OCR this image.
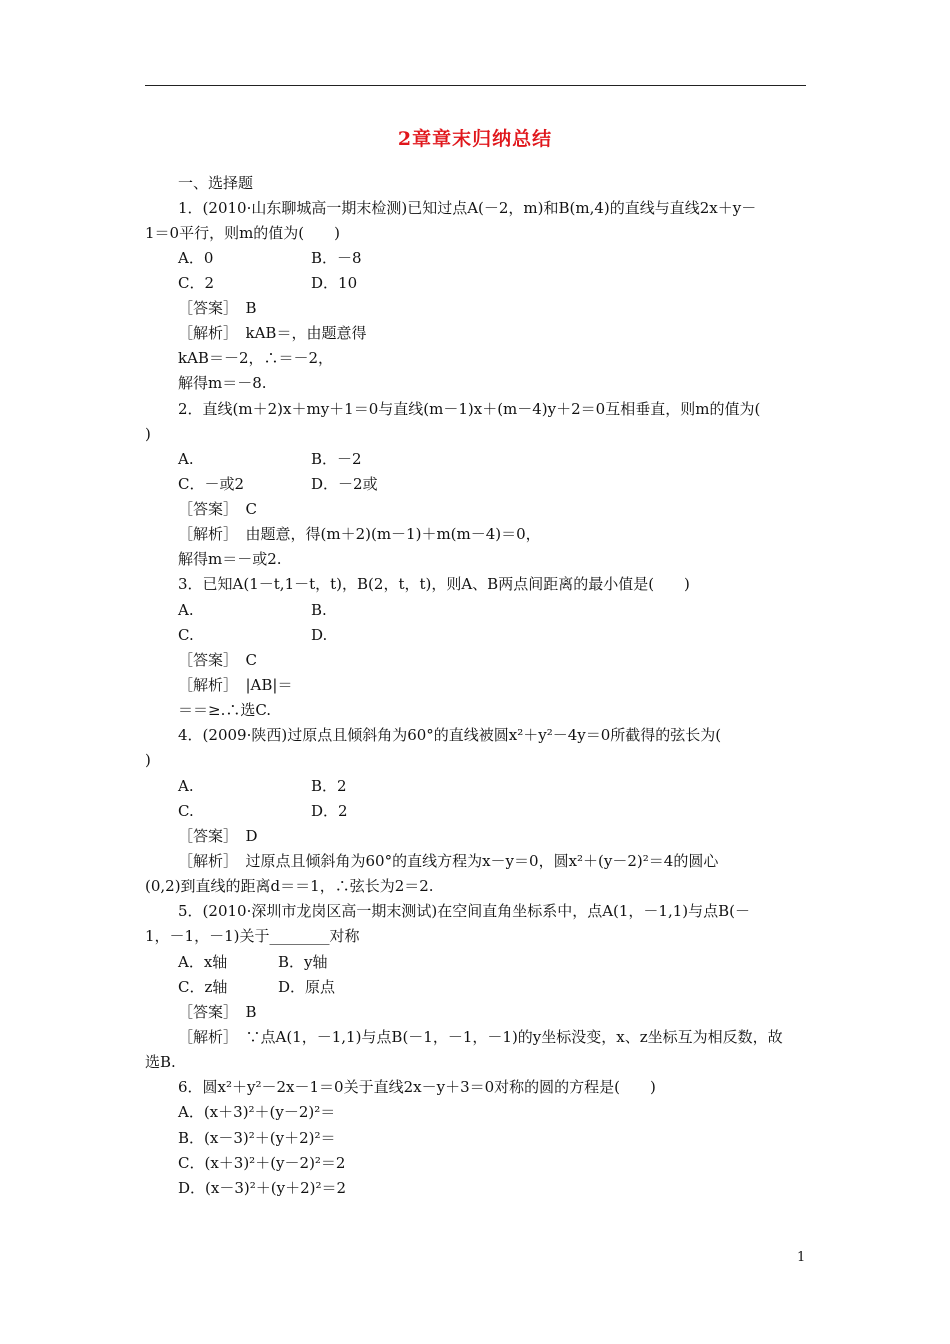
2章章末归纳总结
一、选择题
1．(2010·山东聊城高一期末检测)已知过点A(－2，m)和B(m,4)的直线与直线2x＋y－
1＝0平行，则m的值为(　　)
A．0	B．－8
C．2	D．10
［答案］　B
［解析］　kAB＝，由题意得
kAB＝－2，∴＝－2，
解得m＝－8.
2．直线(m＋2)x＋my＋1＝0与直线(m－1)x＋(m－4)y＋2＝0互相垂直，则m的值为(
)
A.	B．－2
C．－或2	D．－2或
［答案］　C
［解析］　由题意，得(m＋2)(m－1)＋m(m－4)＝0，
解得m＝－或2.
3．已知A(1－t,1－t，t)，B(2，t，t)，则A、B两点间距离的最小值是(　　)
A.	B.
C.	D.
［答案］　C
［解析］　|AB|＝
＝＝≥.∴选C.
4．(2009·陕西)过原点且倾斜角为60°的直线被圆x²＋y²－4y＝0所截得的弦长为(
)
A.	B．2
C.	D．2
［答案］　D
［解析］　过原点且倾斜角为60°的直线方程为x－y＝0，圆x²＋(y－2)²＝4的圆心
(0,2)到直线的距离d＝＝1，∴弦长为2＝2.
5．(2010·深圳市龙岗区高一期末测试)在空间直角坐标系中，点A(1，－1,1)与点B(－
1，－1，－1)关于________对称
A．x轴	B．y轴
C．z轴	D．原点
［答案］　B
［解析］　∵点A(1，－1,1)与点B(－1，－1，－1)的y坐标没变，x、z坐标互为相反数，故
选B.
6．圆x²＋y²－2x－1＝0关于直线2x－y＋3＝0对称的圆的方程是(　　)
A．(x＋3)²＋(y－2)²＝
B．(x－3)²＋(y＋2)²＝
C．(x＋3)²＋(y－2)²＝2
D．(x－3)²＋(y＋2)²＝2
1
